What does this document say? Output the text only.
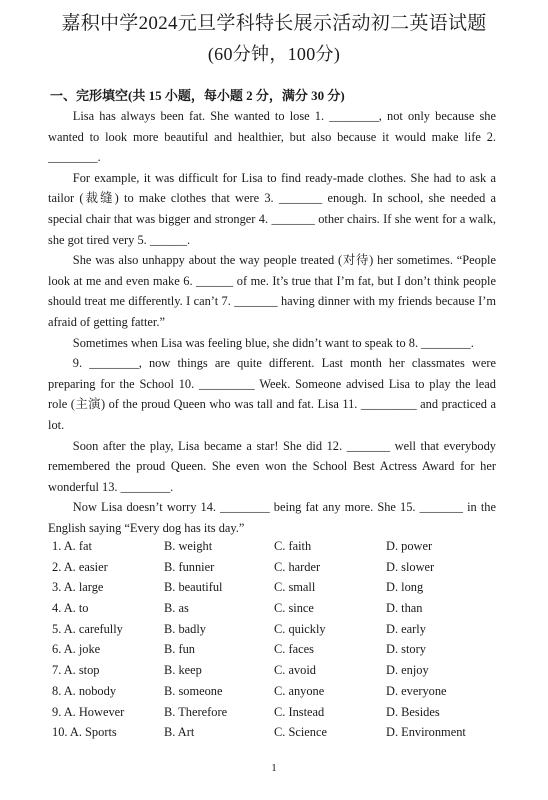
嘉积中学2024元旦学科特长展示活动初二英语试题
(60分钟，100分)
一、完形填空(共 15 小题，每小题 2 分，满分 30 分)

Lisa has always been fat. She wanted to lose 1. ________, not only because she wanted to look more beautiful and healthier, but also because it would make life 2. ________.

For example, it was difficult for Lisa to find ready-made clothes. She had to ask a tailor (裁缝) to make clothes that were 3. _______ enough. In school, she needed a special chair that was bigger and stronger 4. _______ other chairs. If she went for a walk, she got tired very 5. ______.

She was also unhappy about the way people treated (对待) her sometimes. “People look at me and even make 6. ______ of me. It’s true that I’m fat, but I don’t think people should treat me differently. I can’t 7. _______ having dinner with my friends because I’m afraid of getting fatter.”

Sometimes when Lisa was feeling blue, she didn’t want to speak to 8. ________.

9. ________, now things are quite different. Last month her classmates were preparing for the School 10. _________ Week. Someone advised Lisa to play the lead role (主演) of the proud Queen who was tall and fat. Lisa 11. _________ and practiced a lot.

Soon after the play, Lisa became a star! She did 12. _______ well that everybody remembered the proud Queen. She even won the School Best Actress Award for her wonderful 13. ________.

Now Lisa doesn’t worry 14. ________ being fat any more. She 15. _______ in the English saying “Every dog has its day.”

1. A. fat	B. weight	C. faith	D. power
2. A. easier	B. funnier	C. harder	D. slower
3. A. large	B. beautiful	C. small	D. long
4. A. to	B. as	C. since	D. than
5. A. carefully	B. badly	C. quickly	D. early
6. A. joke	B. fun	C. faces	D. story
7. A. stop	B. keep	C. avoid	D. enjoy
8. A. nobody	B. someone	C. anyone	D. everyone
9. A. However	B. Therefore	C. Instead	D. Besides
10. A. Sports	B. Art	C. Science	D. Environment
1
